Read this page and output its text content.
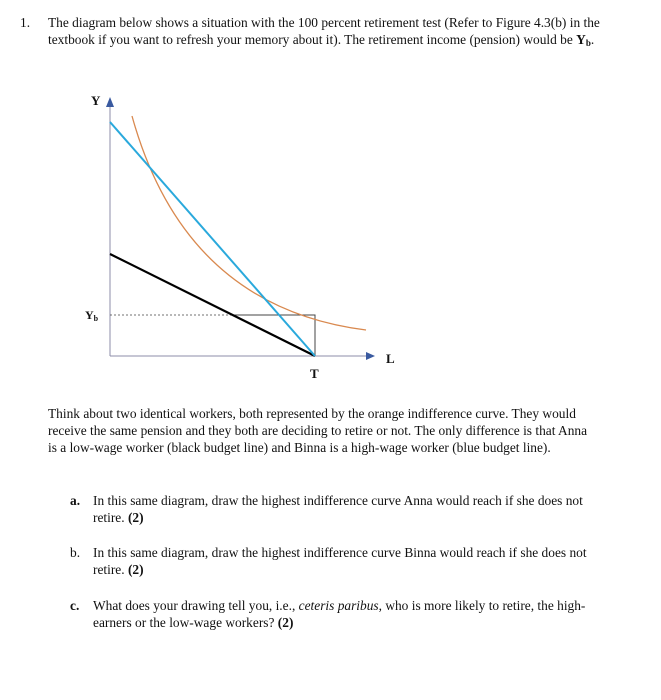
1. The diagram below shows a situation with the 100 percent retirement test (Refer to Figure 4.3(b) in the textbook if you want to refresh your memory about it). The retirement income (pension) would be $Y_b$.
Y
L
T
Yb
Think about two identical workers, both represented by the orange indifference curve. They would receive the same pension and they both are deciding to retire or not. The only difference is that Anna is a low-wage worker (black budget line) and Binna is a high-wage worker (blue budget line).
a. In this same diagram, draw the highest indifference curve Anna would reach if she does not retire. (2)
b. In this same diagram, draw the highest indifference curve Binna would reach if she does not retire. (2)
c. What does your drawing tell you, i.e., ceteris paribus, who is more likely to retire, the high-earners or the low-wage workers? (2)
